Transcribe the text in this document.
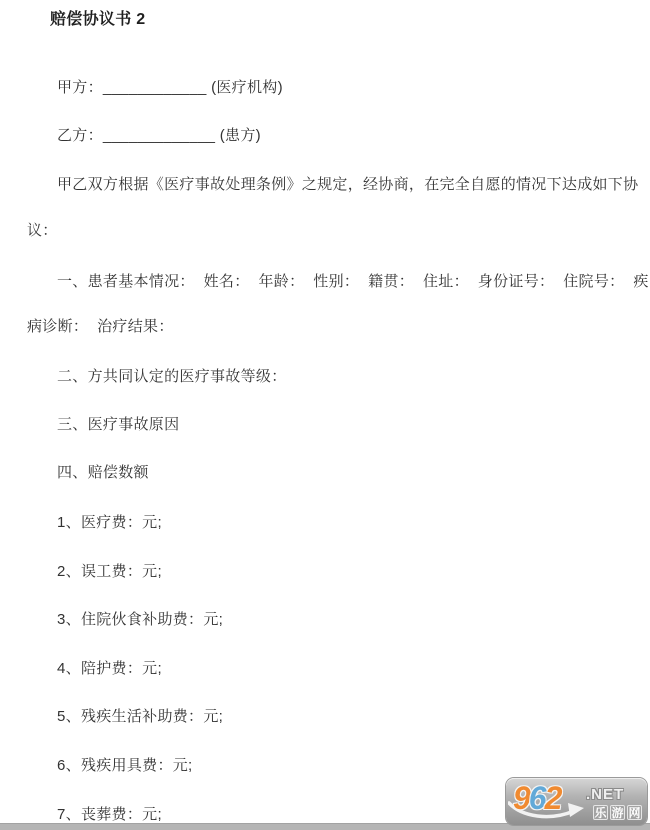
赔偿协议书 2
甲方：____________ (医疗机构)
乙方：_____________ (患方)
甲乙双方根据《医疗事故处理条例》之规定，经协商，在完全自愿的情况下达成如下协
议：
一、患者基本情况：  姓名：  年龄：  性别：  籍贯：  住址：  身份证号：  住院号：  疾
病诊断：  治疗结果：
二、方共同认定的医疗事故等级：
三、医疗事故原因
四、赔偿数额
1、医疗费：元;
2、误工费：元;
3、住院伙食补助费：元;
4、陪护费：元;
5、残疾生活补助费：元;
6、残疾用具费：元;
7、丧葬费：元;	962 .NET
乐 游 网
